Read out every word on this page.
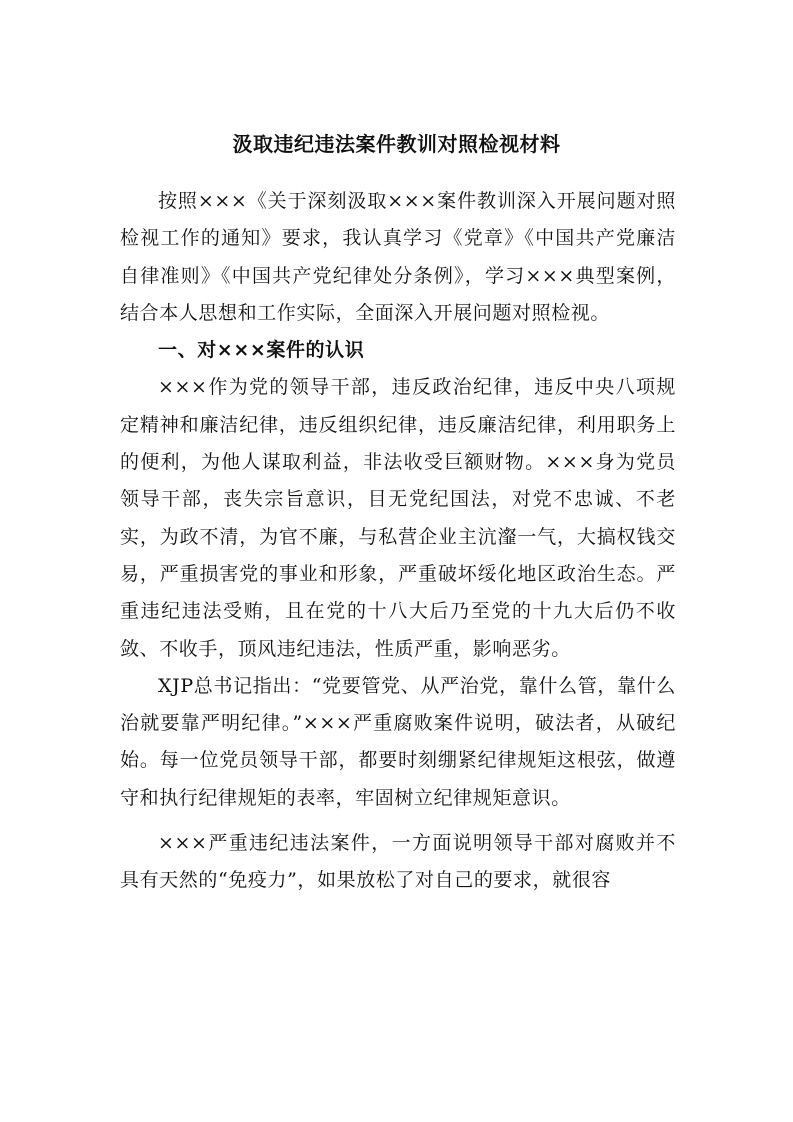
汲取违纪违法案件教训对照检视材料

按照×××《关于深刻汲取×××案件教训深入开展问题对照检视工作的通知》要求，我认真学习《党章》《中国共产党廉洁自律准则》《中国共产党纪律处分条例》，学习×××典型案例，结合本人思想和工作实际，全面深入开展问题对照检视。

一、对×××案件的认识

×××作为党的领导干部，违反政治纪律，违反中央八项规定精神和廉洁纪律，违反组织纪律，违反廉洁纪律，利用职务上的便利，为他人谋取利益，非法收受巨额财物。×××身为党员领导干部，丧失宗旨意识，目无党纪国法，对党不忠诚、不老实，为政不清，为官不廉，与私营企业主沆瀣一气，大搞权钱交易，严重损害党的事业和形象，严重破坏绥化地区政治生态。严重违纪违法受贿，且在党的十八大后乃至党的十九大后仍不收敛、不收手，顶风违纪违法，性质严重，影响恶劣。

XJP总书记指出：“党要管党、从严治党，靠什么管，靠什么治就要靠严明纪律。”×××严重腐败案件说明，破法者，从破纪始。每一位党员领导干部，都要时刻绷紧纪律规矩这根弦，做遵守和执行纪律规矩的表率，牢固树立纪律规矩意识。

×××严重违纪违法案件，一方面说明领导干部对腐败并不具有天然的“免疫力”，如果放松了对自己的要求，就很容
